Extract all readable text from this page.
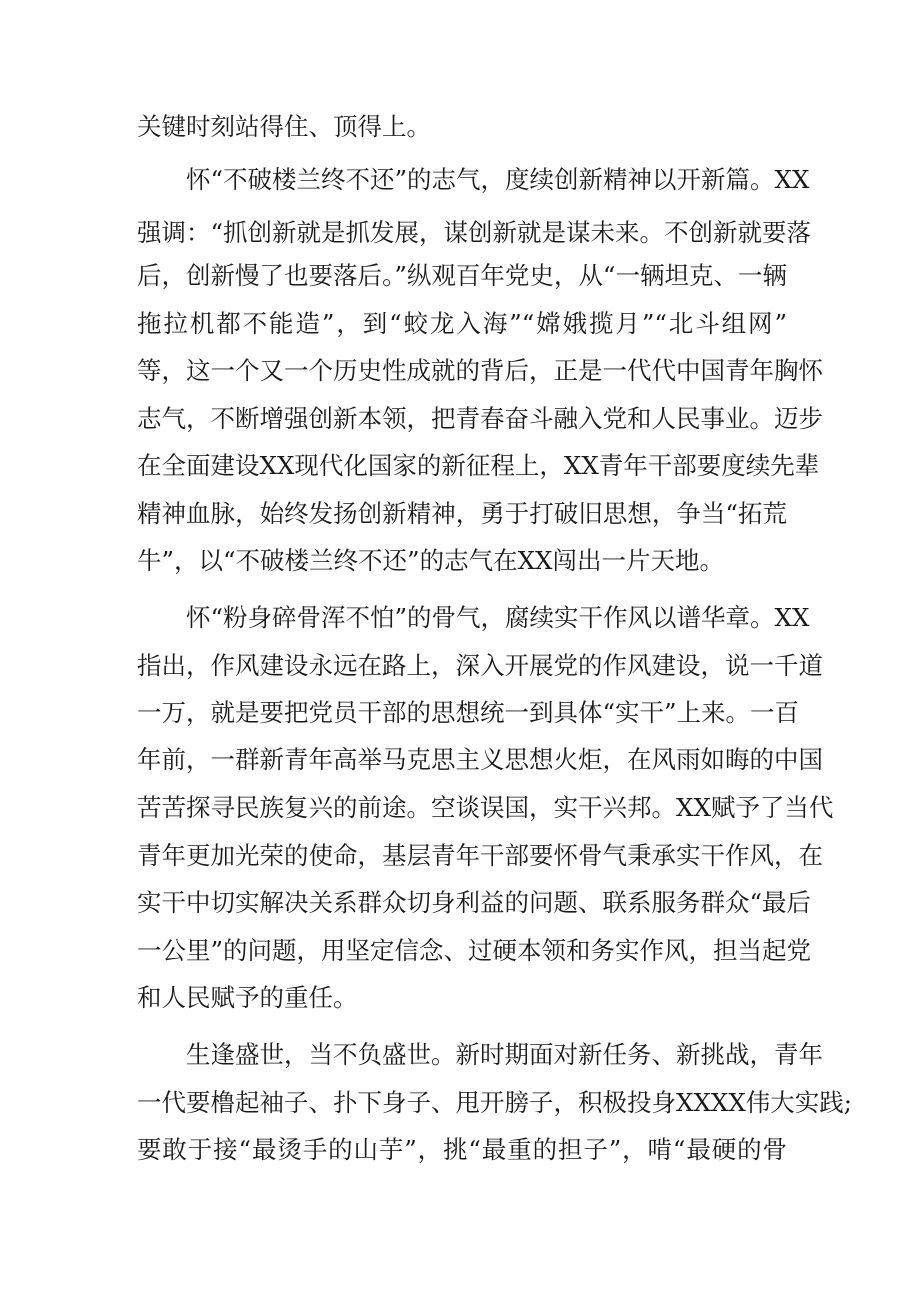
关键时刻站得住、顶得上。
怀“不破楼兰终不还”的志气，度续创新精神以开新篇。XX
强调：“抓创新就是抓发展，谋创新就是谋未来。不创新就要落
后，创新慢了也要落后。”纵观百年党史，从“一辆坦克、一辆
拖拉机都不能造”，到“蛟龙入海”“嫦娥揽月”“北斗组网”
等，这一个又一个历史性成就的背后，正是一代代中国青年胸怀
志气，不断增强创新本领，把青春奋斗融入党和人民事业。迈步
在全面建设XX现代化国家的新征程上，XX青年干部要度续先辈
精神血脉，始终发扬创新精神，勇于打破旧思想，争当“拓荒
牛”，以“不破楼兰终不还”的志气在XX闯出一片天地。
怀“粉身碎骨浑不怕”的骨气，腐续实干作风以谱华章。XX
指出，作风建设永远在路上，深入开展党的作风建设，说一千道
一万，就是要把党员干部的思想统一到具体“实干”上来。一百
年前，一群新青年高举马克思主义思想火炬，在风雨如晦的中国
苦苦探寻民族复兴的前途。空谈误国，实干兴邦。XX赋予了当代
青年更加光荣的使命，基层青年干部要怀骨气秉承实干作风，在
实干中切实解决关系群众切身利益的问题、联系服务群众“最后
一公里”的问题，用坚定信念、过硬本领和务实作风，担当起党
和人民赋予的重任。
生逢盛世，当不负盛世。新时期面对新任务、新挑战，青年
一代要橹起袖子、扑下身子、甩开膀子，积极投身XXXX伟大实践;
要敢于接“最烫手的山芋”，挑“最重的担子”，啃“最硬的骨
